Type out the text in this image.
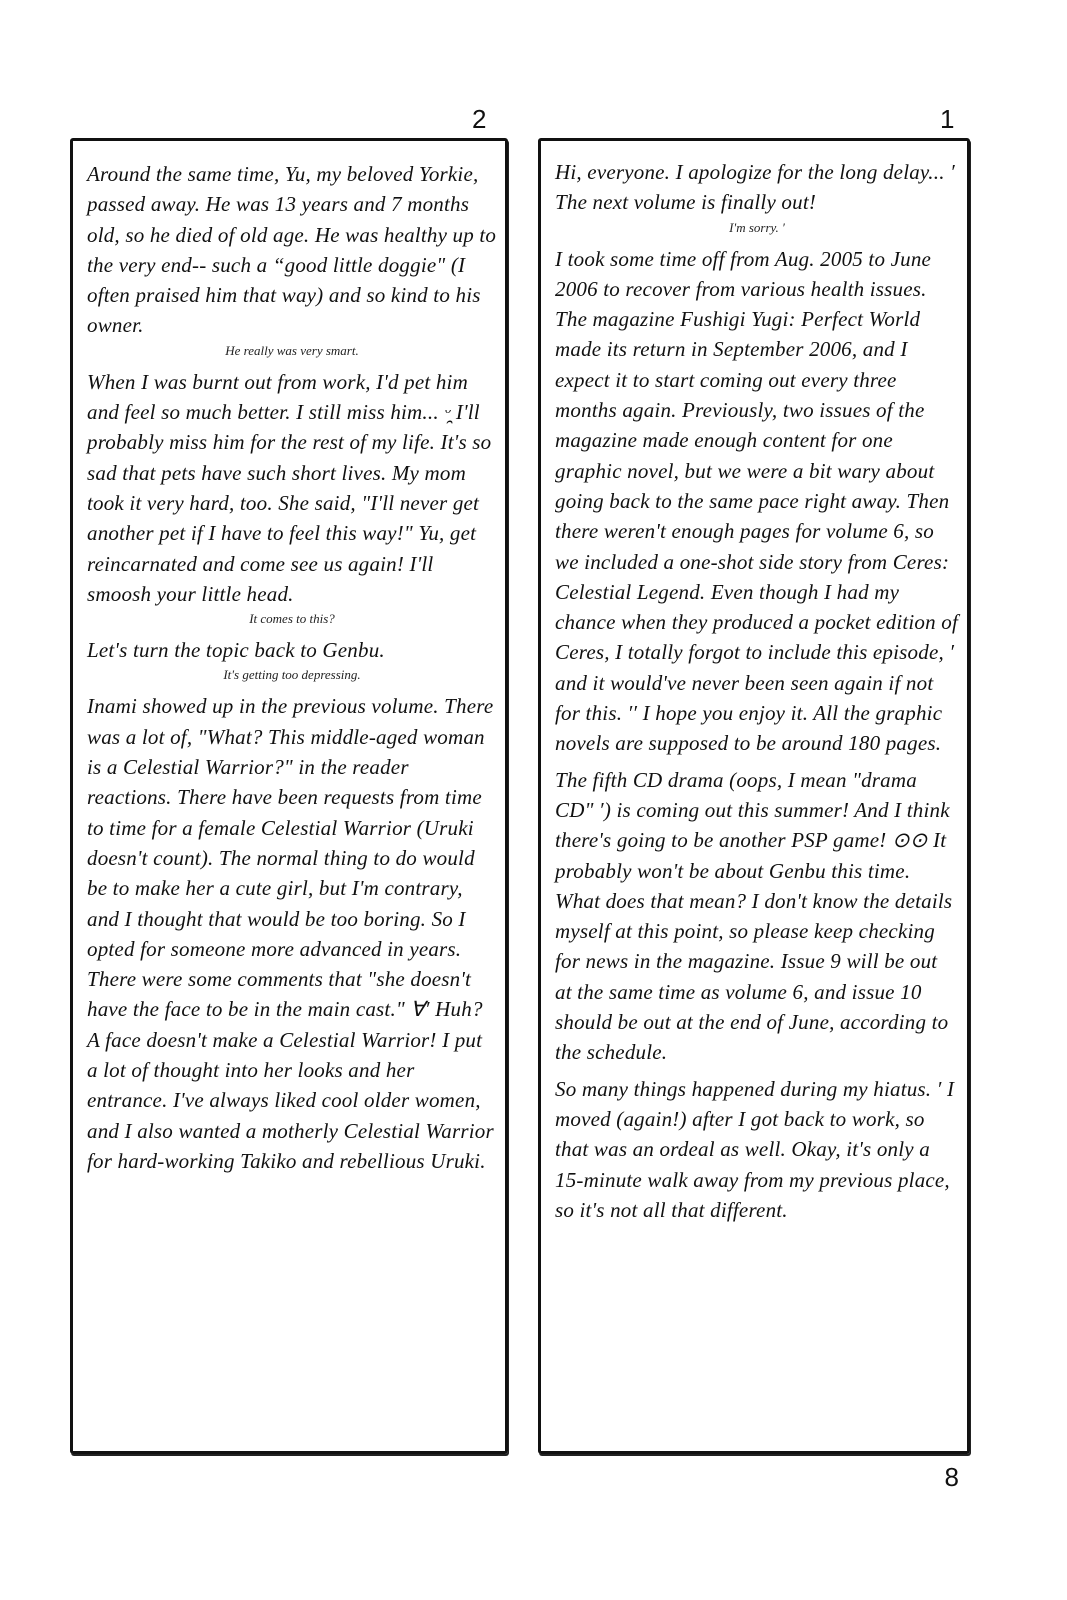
2	1

Around the same time, Yu, my beloved Yorkie, passed away. He was 13 years and 7 months old, so he died of old age. He was healthy up to the very end-- such a “good little doggie" (I often praised him that way) and so kind to his owner.

He really was very smart.

When I was burnt out from work, I'd pet him and feel so much better. I still miss him... ᵕ̯ I'll probably miss him for the rest of my life. It's so sad that pets have such short lives. My mom took it very hard, too. She said, "I'll never get another pet if I have to feel this way!" Yu, get reincarnated and come see us again! I'll smoosh your little head.

It comes to this?

Let's turn the topic back to Genbu.

It's getting too depressing.

Inami showed up in the previous volume. There was a lot of, "What? This middle-aged woman is a Celestial Warrior?" in the reader reactions. There have been requests from time to time for a female Celestial Warrior (Uruki doesn't count). The normal thing to do would be to make her a cute girl, but I'm contrary, and I thought that would be too boring. So I opted for someone more advanced in years. There were some comments that "she doesn't have the face to be in the main cast." ∀′ Huh? A face doesn't make a Celestial Warrior! I put a lot of thought into her looks and her entrance. I've always liked cool older women, and I also wanted a motherly Celestial Warrior for hard-working Takiko and rebellious Uruki.

Hi, everyone. I apologize for the long delay... ′ The next volume is finally out!

I'm sorry. ′

I took some time off from Aug. 2005 to June 2006 to recover from various health issues. The magazine Fushigi Yugi: Perfect World made its return in September 2006, and I expect it to start coming out every three months again. Previously, two issues of the magazine made enough content for one graphic novel, but we were a bit wary about going back to the same pace right away. Then there weren't enough pages for volume 6, so we included a one-shot side story from Ceres: Celestial Legend. Even though I had my chance when they produced a pocket edition of Ceres, I totally forgot to include this episode, ′ and it would've never been seen again if not for this. ′′ I hope you enjoy it. All the graphic novels are supposed to be around 180 pages.

The fifth CD drama (oops, I mean "drama CD" ′) is coming out this summer! And I think there's going to be another PSP game! ⊙⊙ It probably won't be about Genbu this time. What does that mean? I don't know the details myself at this point, so please keep checking for news in the magazine. Issue 9 will be out at the same time as volume 6, and issue 10 should be out at the end of June, according to the schedule.

So many things happened during my hiatus. ′ I moved (again!) after I got back to work, so that was an ordeal as well. Okay, it's only a 15-minute walk away from my previous place, so it's not all that different.

8
